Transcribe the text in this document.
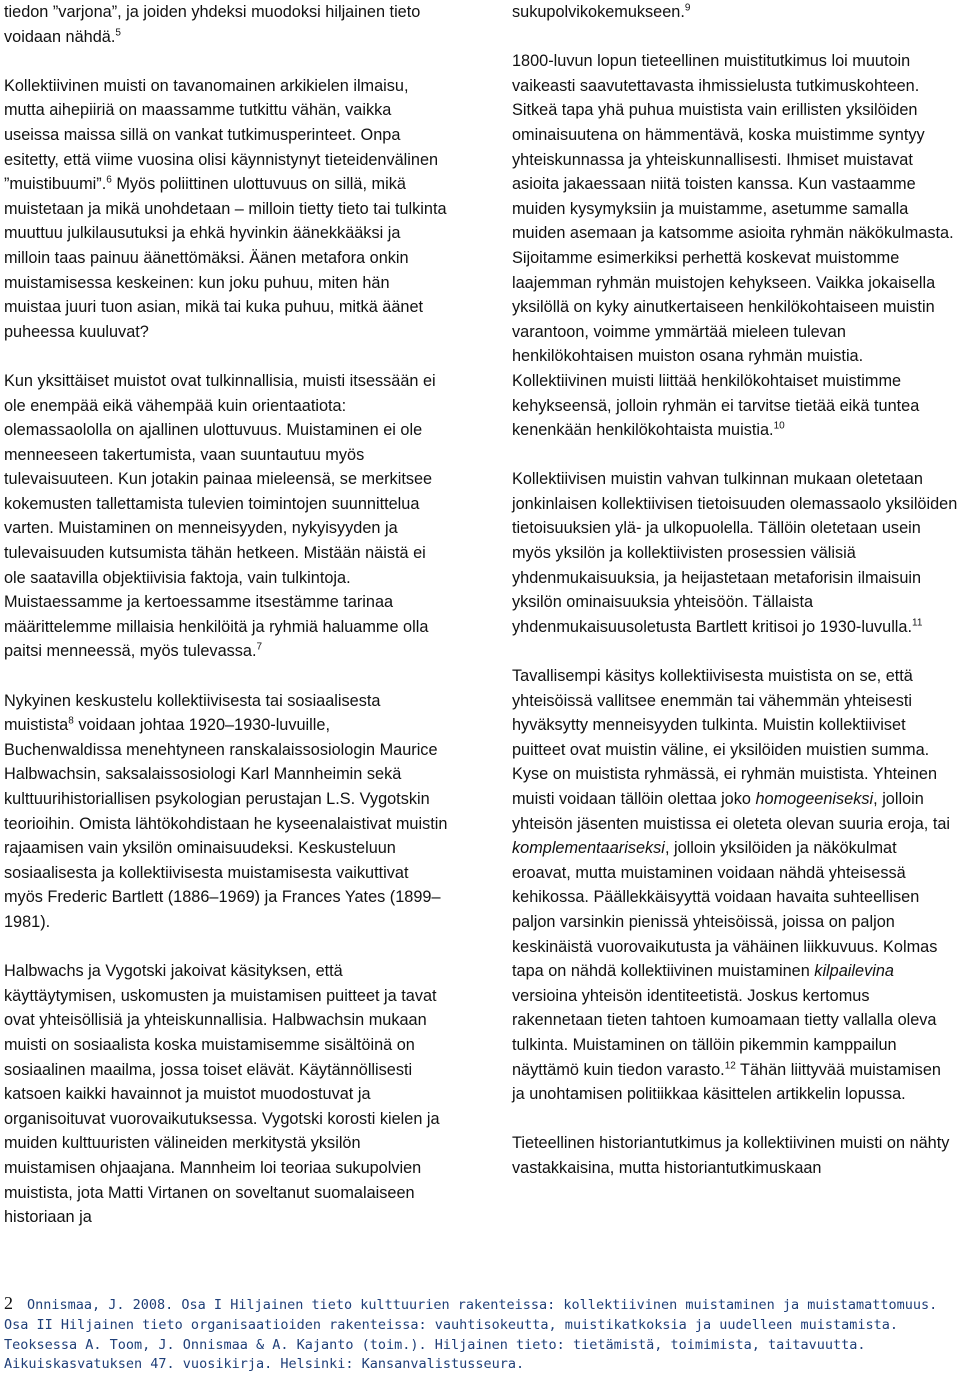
tiedon ”varjona”, ja joiden yhdeksi muodoksi hiljainen tieto voidaan nähdä.$^5$

Kollektiivinen muisti on tavanomainen arkikielen ilmaisu, mutta aihepiiriä on maassamme tutkittu vähän, vaikka useissa maissa sillä on vankat tutkimusperinteet. Onpa esitetty, että viime vuosina olisi käynnistynyt tieteidenvälinen ”muistibuumi”.$^6$ Myös poliittinen ulottuvuus on sillä, mikä muistetaan ja mikä unohdetaan – milloin tietty tieto tai tulkinta muuttuu julkilausutuksi ja ehkä hyvinkin äänekkääksi ja milloin taas painuu äänettömäksi. Äänen metafora onkin muistamisessa keskeinen: kun joku puhuu, miten hän muistaa juuri tuon asian, mikä tai kuka puhuu, mitkä äänet puheessa kuuluvat?

Kun yksittäiset muistot ovat tulkinnallisia, muisti itsessään ei ole enempää eikä vähempää kuin orientaatiota: olemassaolollа on ajallinen ulottuvuus. Muistaminen ei ole menneeseen takertumista, vaan suuntautuu myös tulevaisuuteen. Kun jotakin painaa mieleensä, se merkitsee kokemusten tallettamista tulevien toimintojen suunnittelua varten. Muistaminen on menneisyyden, nykyisyyden ja tulevaisuuden kutsumista tähän hetkeen. Mistään näistä ei ole saatavilla objektiivisia faktoja, vain tulkintoja. Muistaessamme ja kertoessamme itsestämme tarinaa määrittelemme millaisia henkilöitä ja ryhmiä haluamme olla paitsi menneessä, myös tulevassa.$^7$

Nykyinen keskustelu kollektiivisesta tai sosiaalisesta muistista$^8$ voidaan johtaa 1920–1930-luvuille, Buchenwaldissa menehtyneen ranskalaissosiologin Maurice Halbwachsin, saksalaissosiologi Karl Mannheimin sekä kulttuurihistoriallisen psykologian perustajan L.S. Vygotskin teorioihin. Omista lähtökohdistaan he kyseenalaistivat muistin rajaamisen vain yksilön ominaisuudeksi. Keskusteluun sosiaalisesta ja kollektiivisesta muistamisesta vaikuttivat myös Frederic Bartlett (1886–1969) ja Frances Yates (1899–1981).

Halbwachs ja Vygotski jakoivat käsityksen, että käyttäytymisen, uskomusten ja muistamisen puitteet ja tavat ovat yhteisöllisiä ja yhteiskunnallisia. Halbwachsin mukaan muisti on sosiaalista koska muistamisemme sisältöinä on sosiaalinen maailma, jossa toiset elävät. Käytännöllisesti katsoen kaikki havainnot ja muistot muodostuvat ja organisoituvat vuorovaikutuksessa. Vygotski korosti kielen ja muiden kulttuuristen välineiden merkitystä yksilön muistamisen ohjaajana. Mannheim loi teoriaa sukupolvien muistista, jota Matti Virtanen on soveltanut suomalaiseen historiaan ja

sukupolvikokemukseen.$^9$

1800-luvun lopun tieteellinen muistitutkimus loi muutoin vaikeasti saavutettavasta ihmissielusta tutkimuskohteen. Sitkeä tapa yhä puhua muistista vain erillisten yksilöiden ominaisuutena on hämmentävä, koska muistimme syntyy yhteiskunnassa ja yhteiskunnallisesti. Ihmiset muistavat asioita jakaessaan niitä toisten kanssa. Kun vastaamme muiden kysymyksiin ja muistamme, asetumme samalla muiden asemaan ja katsomme asioita ryhmän näkökulmasta. Sijoitamme esimerkiksi perhettä koskevat muistomme laajemman ryhmän muistojen kehykseen. Vaikka jokaisella yksilöllä on kyky ainutkertaiseen henkilökohtaiseen muistin varantoon, voimme ymmärtää mieleen tulevan henkilökohtaisen muiston osana ryhmän muistia. Kollektiivinen muisti liittää henkilökohtaiset muistimme kehykseensä, jolloin ryhmän ei tarvitse tietää eikä tuntea kenenkään henkilökohtaista muistia.$^{10}$

Kollektiivisen muistin vahvan tulkinnan mukaan oletetaan jonkinlaisen kollektiivisen tietoisuuden olemassaolo yksilöiden tietoisuuksien ylä- ja ulkopuolella. Tällöin oletetaan usein myös yksilön ja kollektiivisten prosessien välisiä yhdenmukaisuuksia, ja heijastetaan metaforisin ilmaisuin yksilön ominaisuuksia yhteisöön. Tällaista yhdenmukaisuusoletusta Bartlett kritisoi jo 1930-luvulla.$^{11}$

Tavallisempi käsitys kollektiivisesta muistista on se, että yhteisöissä vallitsee enemmän tai vähemmän yhteisesti hyväksytty menneisyyden tulkinta. Muistin kollektiiviset puitteet ovat muistin väline, ei yksilöiden muistien summa. Kyse on muistista ryhmässä, ei ryhmän muistista. Yhteinen muisti voidaan tällöin olettaa joko homogeeniseksi, jolloin yhteisön jäsenten muistissa ei oleteta olevan suuria eroja, tai komplementaariseksi, jolloin yksilöiden ja näkökulmat eroavat, mutta muistaminen voidaan nähdä yhteisessä kehikossa. Päällekkäisyyttä voidaan havaita suhteellisen paljon varsinkin pienissä yhteisöissä, joissa on paljon keskinäistä vuorovaikutusta ja vähäinen liikkuvuus. Kolmas tapa on nähdä kollektiivinen muistaminen kilpailevina versioina yhteisön identiteetistä. Joskus kertomus rakennetaan tieten tahtoen kumoamaan tietty vallalla oleva tulkinta. Muistaminen on tällöin pikemmin kamppailun näyttämö kuin tiedon varasto.$^{12}$ Tähän liittyvää muistamisen ja unohtamisen politiikkaa käsittelen artikkelin lopussa.

Tieteellinen historiantutkimus ja kollektiivinen muisti on nähty vastakkaisina, mutta historiantutkimuskaan

2 Onnismaa, J. 2008. Osa I Hiljainen tieto kulttuurien rakenteissa: kollektiivinen muistaminen ja muistamattomuus. Osa II Hiljainen tieto organisaatioiden rakenteissa: vauhtisokeutta, muistikatkoksia ja uudelleen muistamista. Teoksessa A. Toom, J. Onnismaa & A. Kajanto (toim.). Hiljainen tieto: tietämistä, toimimista, taitavuutta. Aikuiskasvatuksen 47. vuosikirja. Helsinki: Kansanvalistusseura.
